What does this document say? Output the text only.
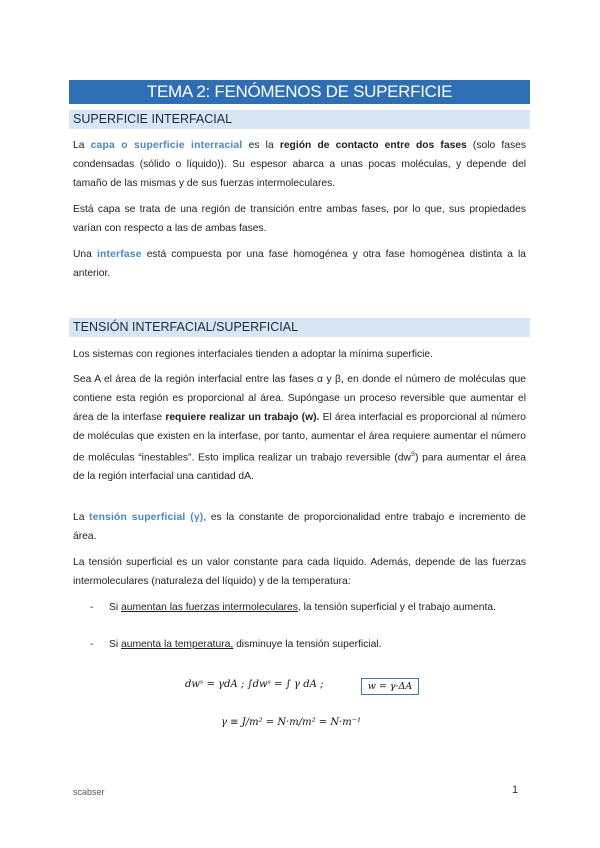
TEMA 2: FENÓMENOS DE SUPERFICIE
SUPERFICIE INTERFACIAL

La capa o superficie interracial es la región de contacto entre dos fases (solo fases condensadas (sólido o líquido)). Su espesor abarca a unas pocas moléculas, y depende del tamaño de las mismas y de sus fuerzas intermoleculares.

Está capa se trata de una región de transición entre ambas fases, por lo que, sus propiedades varían con respecto a las de ambas fases.

Una interfase está compuesta por una fase homogénea y otra fase homogénea distinta a la anterior.

TENSIÓN INTERFACIAL/SUPERFICIAL

Los sistemas con regiones interfaciales tienden a adoptar la mínima superficie.

Sea A el área de la región interfacial entre las fases α y β, en donde el número de moléculas que contiene esta región es proporcional al área. Supóngase un proceso reversible que aumentar el área de la interfase requiere realizar un trabajo (w). El área interfacial es proporcional al número de moléculas que existen en la interfase, por tanto, aumentar el área requiere aumentar el número de moléculas “inestables”. Esto implica realizar un trabajo reversible $(dw^S)$ para aumentar el área de la región interfacial una cantidad dA.

La tensión superficial (γ), es la constante de proporcionalidad entre trabajo e incremento de área.

La tensión superficial es un valor constante para cada líquido. Además, depende de las fuerzas intermoleculares (naturaleza del líquido) y de la temperatura:

- Si aumentan las fuerzas intermoleculares, la tensión superficial y el trabajo aumenta.
- Si aumenta la temperatura, disminuye la tensión superficial.
dwˢ = γdA ; ∫dwˢ = ∫ γ dA ;	w = γ·ΔA
γ ≡ J/m² = N·m/m² = N·m⁻¹
scabser	1
